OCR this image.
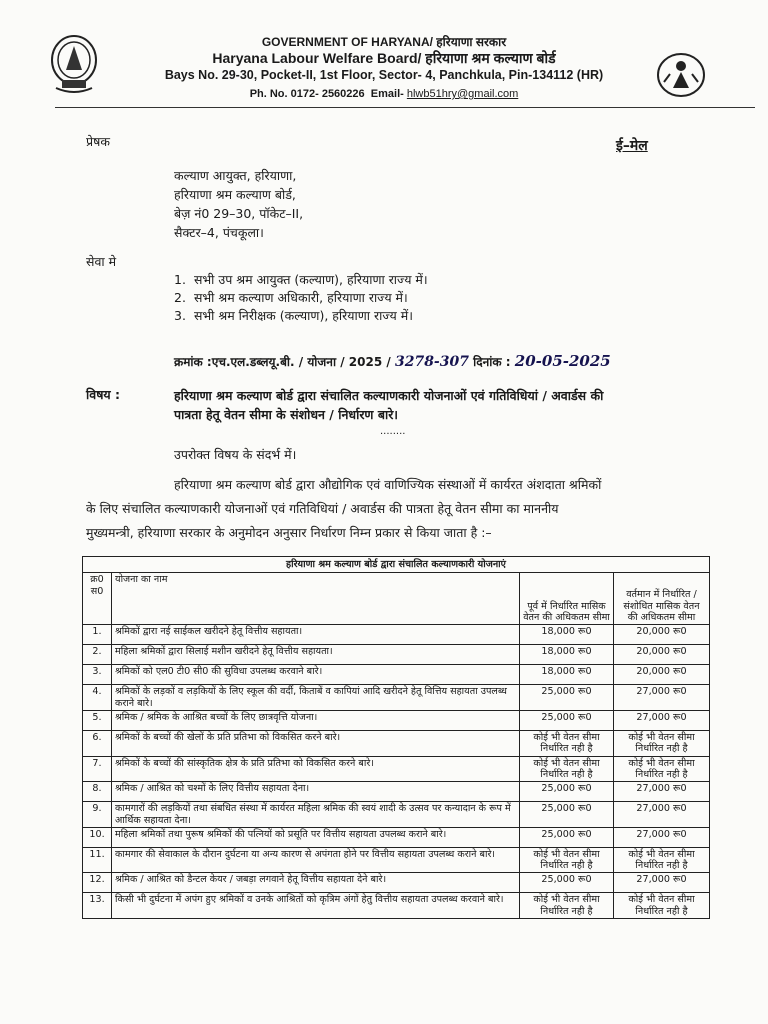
GOVERNMENT OF HARYANA/ हरियाणा सरकार
Haryana Labour Welfare Board/ हरियाणा श्रम कल्याण बोर्ड
Bays No. 29-30, Pocket-II, 1st Floor, Sector- 4, Panchkula, Pin-134112 (HR)
Ph. No. 0172- 2560226 Email- hlwb51hry@gmail.com
प्रेषक	ई–मेल
कल्याण आयुक्त, हरियाणा,
हरियाणा श्रम कल्याण बोर्ड,
बेज़ नं0 29–30, पॉकेट–II,
सैक्टर–4, पंचकूला।
सेवा मे
1. सभी उप श्रम आयुक्त (कल्याण), हरियाणा राज्य में।
2. सभी श्रम कल्याण अधिकारी, हरियाणा राज्य में।
3. सभी श्रम निरीक्षक (कल्याण), हरियाणा राज्य में।
क्रमांक :एच.एल.डब्लयू.बी. / योजना / 2025 / 3278-307 दिनांक : 20-05-2025
विषय :	हरियाणा श्रम कल्याण बोर्ड द्वारा संचालित कल्याणकारी योजनाओं एवं गतिविधियां / अवार्डस की
पात्रता हेतू वेतन सीमा के संशोधन / निर्धारण बारे।
........
उपरोक्त विषय के संदर्भ में।
हरियाणा श्रम कल्याण बोर्ड द्वारा औद्योगिक एवं वाणिज्यिक संस्थाओं में कार्यरत अंशदाता श्रमिकों
के लिए संचालित कल्याणकारी योजनाओं एवं गतिविधियां / अवार्डस की पात्रता हेतू वेतन सीमा का माननीय
मुख्यमन्त्री, हरियाणा सरकार के अनुमोदन अनुसार निर्धारण निम्न प्रकार से किया जाता है :–
हरियाणा श्रम कल्याण बोर्ड द्वारा संचालित कल्याणकारी योजनाएं			
क्र0 स0	योजना का नाम	पूर्व में निर्धारित मासिक वेतन की अधिकतम सीमा	वर्तमान में निर्धारित / संशोधित मासिक वेतन की अधिकतम सीमा
1.	श्रमिकों द्वारा नई साईकल खरीदने हेतू वित्तीय सहायता।	18,000 रू0	20,000 रू0
2.	महिला श्रमिकों द्वारा सिलाई मशीन खरीदने हेतू वित्तीय सहायता।	18,000 रू0	20,000 रू0
3.	श्रमिकों को एल0 टी0 सी0 की सुविधा उपलब्ध करवाने बारे।	18,000 रू0	20,000 रू0
4.	श्रमिकों के लड़कों व लड़कियों के लिए स्कूल की वर्दी, किताबें व कापियां आदि खरीदने हेतू वित्तिय सहायता उपलब्ध कराने बारे।	25,000 रू0	27,000 रू0
5.	श्रमिक / श्रमिक के आश्रित बच्चों के लिए छात्रवृत्ति योजना।	25,000 रू0	27,000 रू0
6.	श्रमिकों के बच्चों की खेलों के प्रति प्रतिभा को विकसित करने बारे।	कोई भी वेतन सीमा निर्धारित नही है	कोई भी वेतन सीमा निर्धारित नही है
7.	श्रमिकों के बच्चों की सांस्कृतिक क्षेत्र के प्रति प्रतिभा को विकसित करने बारे।	कोई भी वेतन सीमा निर्धारित नही है	कोई भी वेतन सीमा निर्धारित नही है
8.	श्रमिक / आश्रित को चश्मों के लिए वित्तीय सहायता देना।	25,000 रू0	27,000 रू0
9.	कामगारों की लड़कियों तथा संबधित संस्था में कार्यरत महिला श्रमिक की स्वयं शादी के उत्सव पर कन्यादान के रूप में आर्थिक सहायता देना।	25,000 रू0	27,000 रू0
10.	महिला श्रमिकों तथा पुरूष श्रमिकों की पत्नियों को प्रसूति पर वित्तीय सहायता उपलब्ध कराने बारे।	25,000 रू0	27,000 रू0
11.	कामगार की सेवाकाल के दौरान दुर्घटना या अन्य कारण से अपंगता होने पर वित्तीय सहायता उपलब्ध कराने बारे।	कोई भी वेतन सीमा निर्धारित नही है	कोई भी वेतन सीमा निर्धारित नही है
12.	श्रमिक / आश्रित को डैन्टल केयर / जबड़ा लगवाने हेतू वित्तीय सहायता देने बारे।	25,000 रू0	27,000 रू0
13.	किसी भी दुर्घटना में अपंग हुए श्रमिकों व उनके आश्रितों को कृत्रिम अंगों हेतु वित्तीय सहायता उपलब्ध करवाने बारे।	कोई भी वेतन सीमा निर्धारित नही है	कोई भी वेतन सीमा निर्धारित नही है
